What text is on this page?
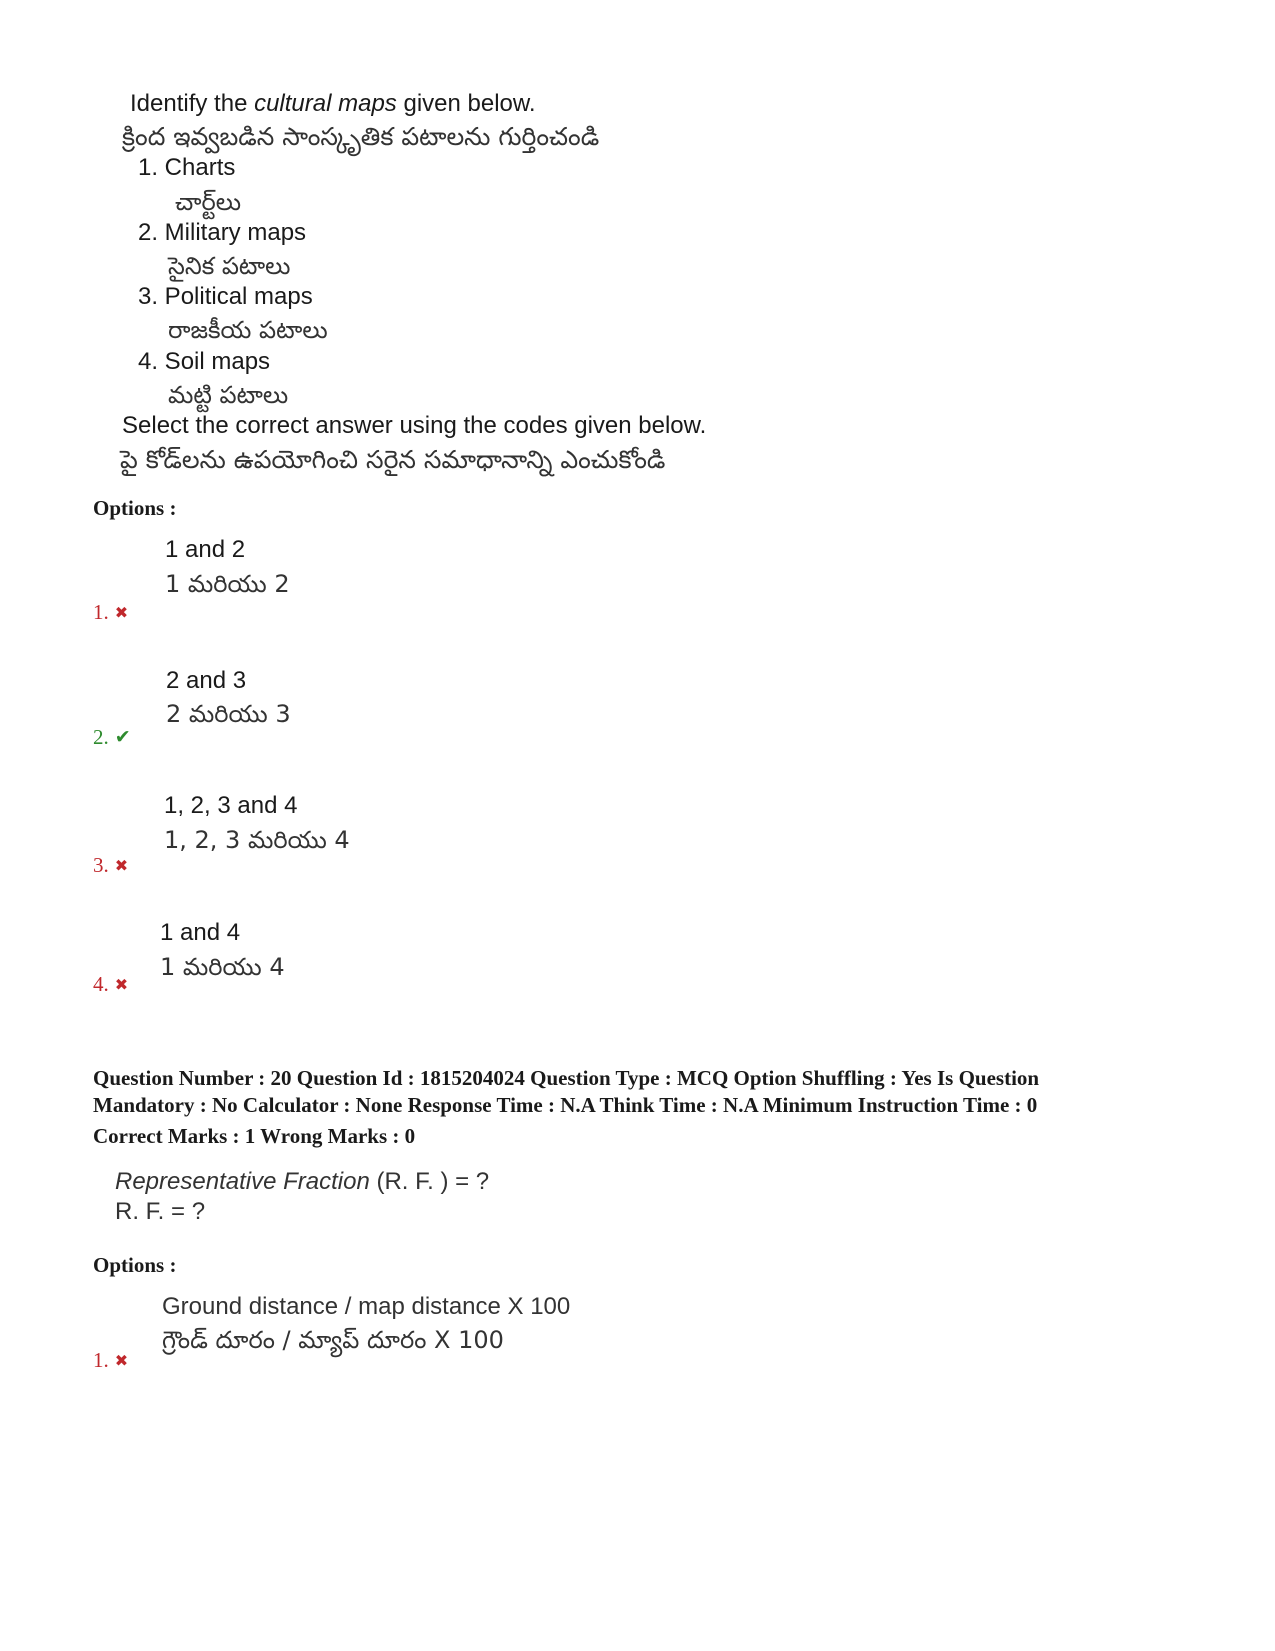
Identify the cultural maps given below.
క్రింద ఇవ్వబడిన సాంస్కృతిక పటాలను గుర్తించండి
1. Charts
చార్ట్‌లు
2. Military maps
సైనిక పటాలు
3. Political maps
రాజకీయ పటాలు
4. Soil maps
మట్టి పటాలు
Select the correct answer using the codes given below.
పై కోడ్‌లను ఉపయోగించి సరైన సమాధానాన్ని ఎంచుకోండి
Options :
1 and 2
1 మరియు 2
1. ✖
2 and 3
2 మరియు 3
2. ✔
1, 2, 3 and 4
1, 2, 3 మరియు 4
3. ✖
1 and 4
1 మరియు 4
4. ✖
Question Number : 20 Question Id : 1815204024 Question Type : MCQ Option Shuffling : Yes Is Question Mandatory : No Calculator : None Response Time : N.A Think Time : N.A Minimum Instruction Time : 0
Correct Marks : 1 Wrong Marks : 0
Representative Fraction (R. F. ) = ?
R. F. = ?
Options :
Ground distance / map distance X 100
గ్రౌండ్ దూరం / మ్యాప్ దూరం X 100
1. ✖
